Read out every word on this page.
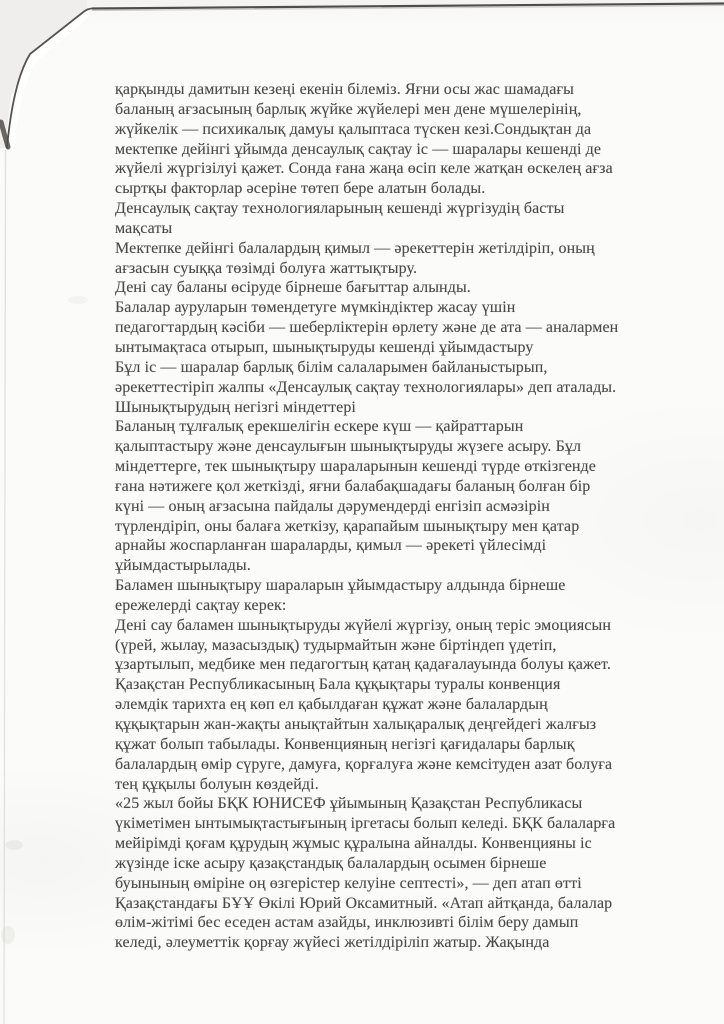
қарқынды дамитын кезеңі екенін білеміз. Яғни осы жас шамадағы
баланың ағзасының барлық жүйке жүйелері мен дене мүшелерінің,
жүйкелік — психикалық дамуы қалыптаса түскен кезі.Сондықтан да
мектепке дейінгі ұйымда денсаулық сақтау іс — шаралары кешенді де
жүйелі жүргізілуі қажет. Сонда ғана жаңа өсіп келе жатқан өскелең ағза
сыртқы факторлар әсеріне төтеп бере алатын болады.
Денсаулық сақтау технологияларының кешенді жүргізудің басты
мақсаты
Мектепке дейінгі балалардың қимыл — әрекеттерін жетілдіріп, оның
ағзасын суыққа төзімді болуға жаттықтыру.
Дені сау баланы өсіруде бірнеше бағыттар алынды.
Балалар ауруларын төмендетуге мүмкіндіктер жасау үшін
педагогтардың кәсіби — шеберліктерін өрлету және де ата — аналармен
ынтымақтаса отырып, шынықтыруды кешенді ұйымдастыру
Бұл іс — шаралар барлық білім салаларымен байланыстырып,
әрекеттестіріп жалпы «Денсаулық сақтау технологиялары» деп аталады.
Шынықтырудың негізгі міндеттері
Баланың тұлғалық ерекшелігін ескере күш — қайраттарын
қалыптастыру және денсаулығын шынықтыруды жүзеге асыру. Бұл
міндеттерге, тек шынықтыру шараларынын кешенді түрде өткізгенде
ғана нәтижеге қол жеткізді, яғни балабақшадағы баланың болған бір
күні — оның ағзасына пайдалы дәрумендерді енгізіп асмәзірін
түрлендіріп, оны балаға жеткізу, қарапайым шынықтыру мен қатар
арнайы жоспарланған шараларды, қимыл — әрекеті үйлесімді
ұйымдастырылады.
Баламен шынықтыру шараларын ұйымдастыру алдында бірнеше
ережелерді сақтау керек:
Дені сау баламен шынықтыруды жүйелі жүргізу, оның теріс эмоциясын
(үрей, жылау, мазасыздық) тудырмайтын және біртіндеп үдетіп,
ұзартылып, медбике мен педагогтың қатаң қадағалауында болуы қажет.
Қазақстан Республикасының Бала құқықтары туралы конвенция
әлемдік тарихта ең көп ел қабылдаған құжат және балалардың
құқықтарын жан-жақты анықтайтын халықаралық деңгейдегі жалғыз
құжат болып табылады. Конвенцияның негізгі қағидалары барлық
балалардың өмір сүруге, дамуға, қорғалуға және кемсітуден азат болуға
тең құқылы болуын көздейді.
«25 жыл бойы БҚК ЮНИСЕФ ұйымының Қазақстан Республикасы
үкіметімен ынтымықтастығының іргетасы болып келеді. БҚК балаларға
мейірімді қоғам құрудың жұмыс құралына айналды. Конвенцияны іс
жүзінде іске асыру қазақстандық балалардың осымен бірнеше
буынының өміріне оң өзгерістер келуіне септесті», — деп атап өтті
Қазақстандағы БҰҰ Өкілі Юрий Оксамитный. «Атап айтқанда, балалар
өлім-жітімі бес еседен астам азайды, инклюзивті білім беру дамып
келеді, әлеуметтік қорғау жүйесі жетілдіріліп жатыр. Жақында
